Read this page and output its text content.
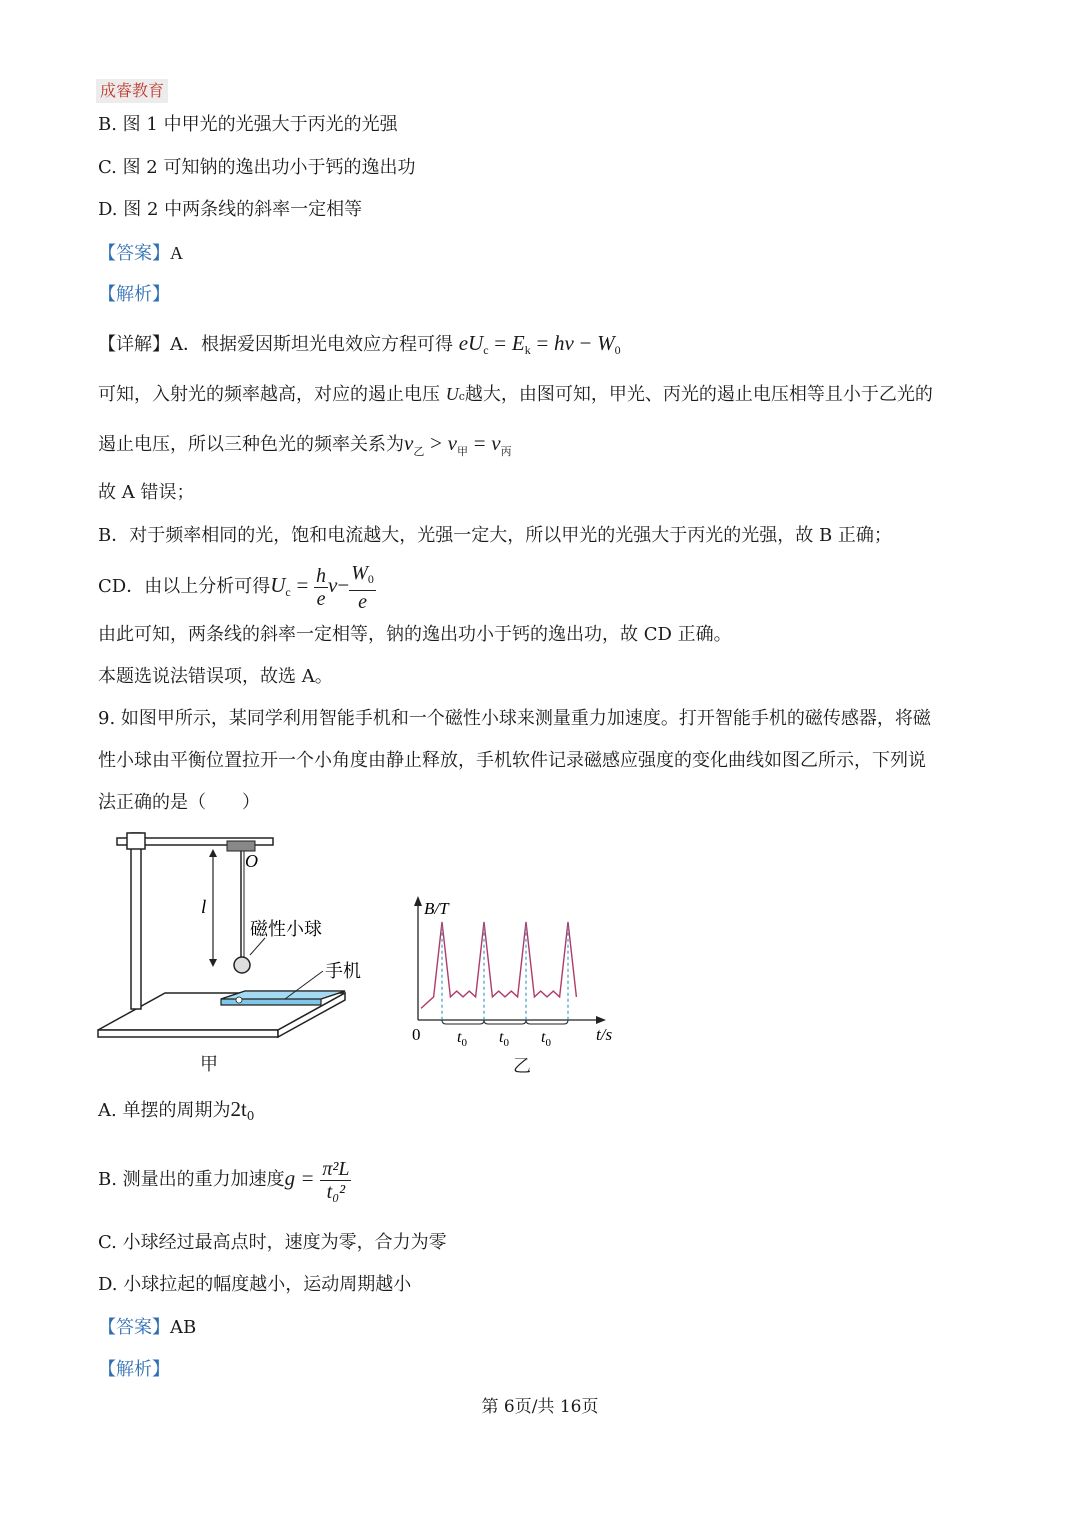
成睿教育
B. 图 1 中甲光的光强大于丙光的光强
C. 图 2 可知钠的逸出功小于钙的逸出功
D. 图 2 中两条线的斜率一定相等
【答案】A
【解析】
【详解】A．根据爱因斯坦光电效应方程可得 $eU_c = E_k = h\nu - W_0$
可知，入射光的频率越高，对应的遏止电压 Uc越大，由图可知，甲光、丙光的遏止电压相等且小于乙光的
遏止电压，所以三种色光的频率关系为$\nu_乙 > \nu_甲 = \nu_丙$
故 A 错误；
B．对于频率相同的光，饱和电流越大，光强一定大，所以甲光的光强大于丙光的光强，故 B 正确；
CD．由以上分析可得$U_c = \frac{h}{e} \nu- \frac{W_0}{e}$
由此可知，两条线的斜率一定相等，钠的逸出功小于钙的逸出功，故 CD 正确。
本题选说法错误项，故选 A。
9. 如图甲所示，某同学利用智能手机和一个磁性小球来测量重力加速度。打开智能手机的磁传感器，将磁
性小球由平衡位置拉开一个小角度由静止释放，手机软件记录磁感应强度的变化曲线如图乙所示，下列说
法正确的是（　　）
O
l
磁性小球
手机
甲
$t_0$ $t_0$ $t_0$
B/T
t/s
0
乙
A. 单摆的周期为$2t_0$
B. 测量出的重力加速度$g = \frac{\text{π²L}}{\text{t₀²}}$
C. 小球经过最高点时，速度为零，合力为零
D. 小球拉起的幅度越小，运动周期越小
【答案】AB
【解析】
第 6页/共 16页
